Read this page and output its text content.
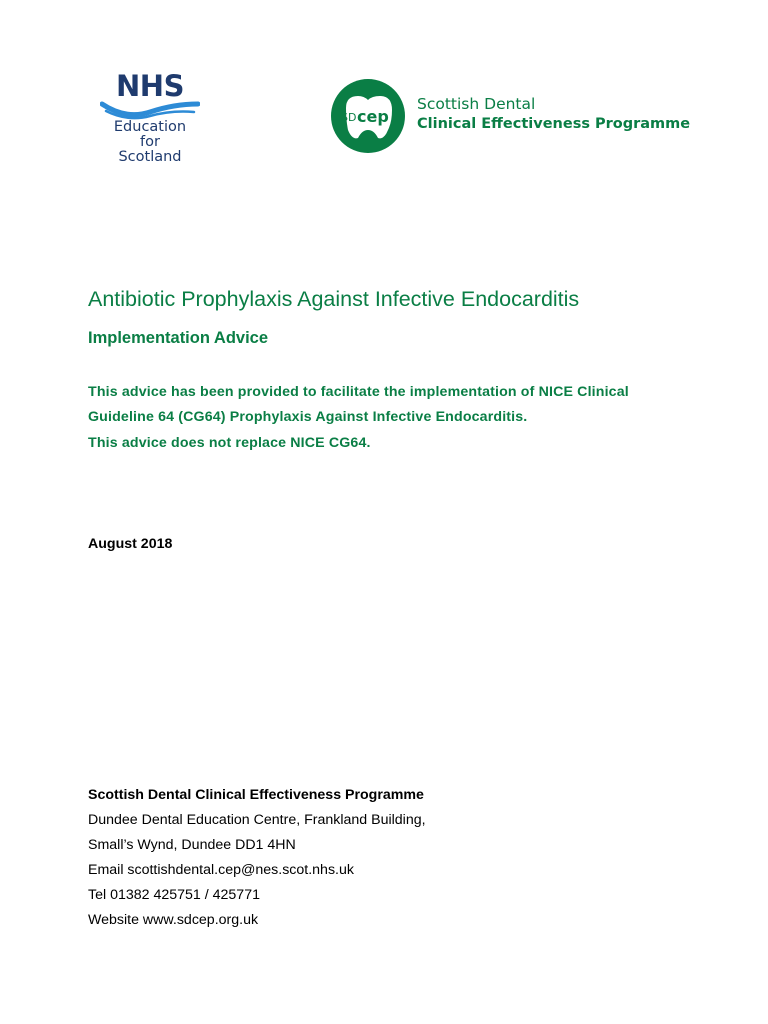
NHS
Education
for
Scotland
SD cep
Scottish Dental
Clinical Effectiveness Programme
Antibiotic Prophylaxis Against Infective Endocarditis
Implementation Advice
This advice has been provided to facilitate the implementation of NICE Clinical
Guideline 64 (CG64) Prophylaxis Against Infective Endocarditis.
This advice does not replace NICE CG64.
August 2018
Scottish Dental Clinical Effectiveness Programme
Dundee Dental Education Centre, Frankland Building,
Small’s Wynd, Dundee DD1 4HN
Email scottishdental.cep@nes.scot.nhs.uk
Tel 01382 425751 / 425771
Website www.sdcep.org.uk
